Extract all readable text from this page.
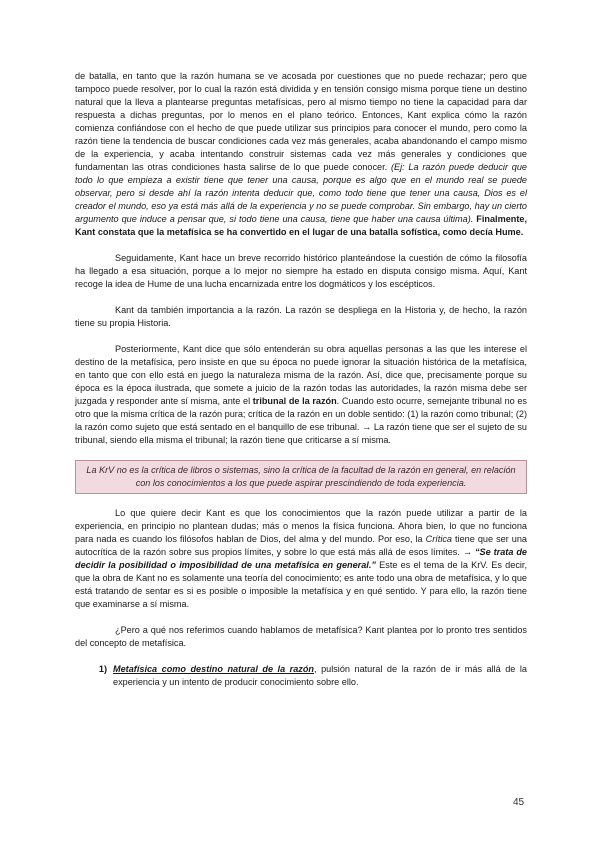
de batalla, en tanto que la razón humana se ve acosada por cuestiones que no puede rechazar; pero que tampoco puede resolver, por lo cual la razón está dividida y en tensión consigo misma porque tiene un destino natural que la lleva a plantearse preguntas metafísicas, pero al mismo tiempo no tiene la capacidad para dar respuesta a dichas preguntas, por lo menos en el plano teórico. Entonces, Kant explica cómo la razón comienza confiándose con el hecho de que puede utilizar sus principios para conocer el mundo, pero como la razón tiene la tendencia de buscar condiciones cada vez más generales, acaba abandonando el campo mismo de la experiencia, y acaba intentando construir sistemas cada vez más generales y condiciones que fundamentan las otras condiciones hasta salirse de lo que puede conocer. (Ej: La razón puede deducir que todo lo que empieza a existir tiene que tener una causa, porque es algo que en el mundo real se puede observar, pero si desde ahí la razón intenta deducir que, como todo tiene que tener una causa, Dios es el creador el mundo, eso ya está más allá de la experiencia y no se puede comprobar. Sin embargo, hay un cierto argumento que induce a pensar que, si todo tiene una causa, tiene que haber una causa última). Finalmente, Kant constata que la metafísica se ha convertido en el lugar de una batalla sofística, como decía Hume.

Seguidamente, Kant hace un breve recorrido histórico planteándose la cuestión de cómo la filosofía ha llegado a esa situación, porque a lo mejor no siempre ha estado en disputa consigo misma. Aquí, Kant recoge la idea de Hume de una lucha encarnizada entre los dogmáticos y los escépticos.

Kant da también importancia a la razón. La razón se despliega en la Historia y, de hecho, la razón tiene su propia Historia.

Posteriormente, Kant dice que sólo entenderán su obra aquellas personas a las que les interese el destino de la metafísica, pero insiste en que su época no puede ignorar la situación histórica de la metafísica, en tanto que con ello está en juego la naturaleza misma de la razón. Así, dice que, precisamente porque su época es la época ilustrada, que somete a juicio de la razón todas las autoridades, la razón misma debe ser juzgada y responder ante sí misma, ante el tribunal de la razón. Cuando esto ocurre, semejante tribunal no es otro que la misma crítica de la razón pura; crítica de la razón en un doble sentido: (1) la razón como tribunal; (2) la razón como sujeto que está sentado en el banquillo de ese tribunal. → La razón tiene que ser el sujeto de su tribunal, siendo ella misma el tribunal; la razón tiene que criticarse a sí misma.

La KrV no es la crítica de libros o sistemas, sino la crítica de la facultad de la razón en general, en relación con los conocimientos a los que puede aspirar prescindiendo de toda experiencia.

Lo que quiere decir Kant es que los conocimientos que la razón puede utilizar a partir de la experiencia, en principio no plantean dudas; más o menos la física funciona. Ahora bien, lo que no funciona para nada es cuando los filósofos hablan de Dios, del alma y del mundo. Por eso, la Crítica tiene que ser una autocrítica de la razón sobre sus propios límites, y sobre lo que está más allá de esos límites. → “Se trata de decidir la posibilidad o imposibilidad de una metafísica en general.” Este es el tema de la KrV. Es decir, que la obra de Kant no es solamente una teoría del conocimiento; es ante todo una obra de metafísica, y lo que está tratando de sentar es si es posible o imposible la metafísica y en qué sentido. Y para ello, la razón tiene que examinarse a sí misma.

¿Pero a qué nos referimos cuando hablamos de metafísica? Kant plantea por lo pronto tres sentidos del concepto de metafísica.

1) Metafísica como destino natural de la razón, pulsión natural de la razón de ir más allá de la experiencia y un intento de producir conocimiento sobre ello.

45
